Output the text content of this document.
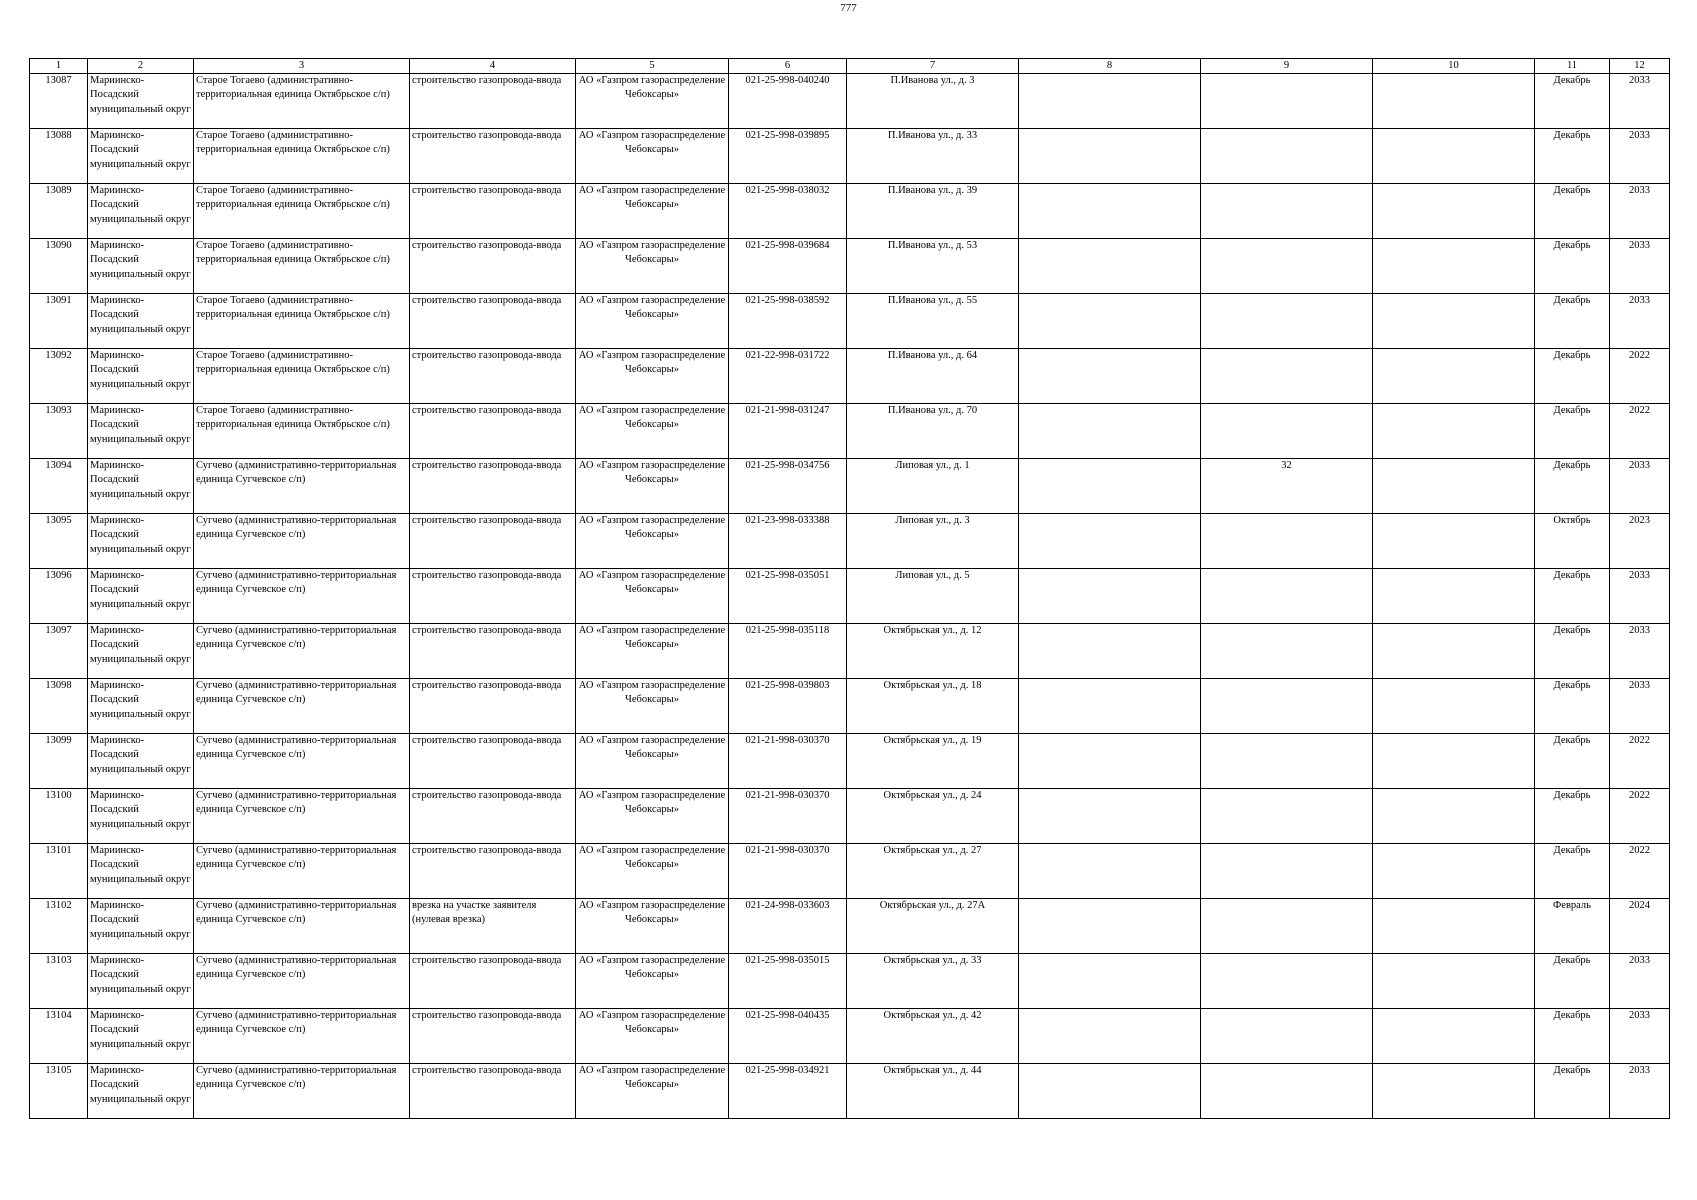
777
1	2	3	4	5	6	7	8	9	10	11	12

13087	Мариинско-Посадский муниципальный округ	Старое Тогаево (административно-территориальная единица Октябрьское с/п)	строительство газопровода-ввода	АО «Газпром газораспределение Чебоксары»	021-25-998-040240	П.Иванова ул., д. 3				Декабрь	2033

13088	Мариинско-Посадский муниципальный округ	Старое Тогаево (административно-территориальная единица Октябрьское с/п)	строительство газопровода-ввода	АО «Газпром газораспределение Чебоксары»	021-25-998-039895	П.Иванова ул., д. 33				Декабрь	2033

13089	Мариинско-Посадский муниципальный округ	Старое Тогаево (административно-территориальная единица Октябрьское с/п)	строительство газопровода-ввода	АО «Газпром газораспределение Чебоксары»	021-25-998-038032	П.Иванова ул., д. 39				Декабрь	2033

13090	Мариинско-Посадский муниципальный округ	Старое Тогаево (административно-территориальная единица Октябрьское с/п)	строительство газопровода-ввода	АО «Газпром газораспределение Чебоксары»	021-25-998-039684	П.Иванова ул., д. 53				Декабрь	2033

13091	Мариинско-Посадский муниципальный округ	Старое Тогаево (административно-территориальная единица Октябрьское с/п)	строительство газопровода-ввода	АО «Газпром газораспределение Чебоксары»	021-25-998-038592	П.Иванова ул., д. 55				Декабрь	2033

13092	Мариинско-Посадский муниципальный округ	Старое Тогаево (административно-территориальная единица Октябрьское с/п)	строительство газопровода-ввода	АО «Газпром газораспределение Чебоксары»	021-22-998-031722	П.Иванова ул., д. 64				Декабрь	2022

13093	Мариинско-Посадский муниципальный округ	Старое Тогаево (административно-территориальная единица Октябрьское с/п)	строительство газопровода-ввода	АО «Газпром газораспределение Чебоксары»	021-21-998-031247	П.Иванова ул., д. 70				Декабрь	2022

13094	Мариинско-Посадский муниципальный округ	Сугчево (административно-территориальная единица Сугчевское с/п)	строительство газопровода-ввода	АО «Газпром газораспределение Чебоксары»	021-25-998-034756	Липовая ул., д. 1		32		Декабрь	2033

13095	Мариинско-Посадский муниципальный округ	Сугчево (административно-территориальная единица Сугчевское с/п)	строительство газопровода-ввода	АО «Газпром газораспределение Чебоксары»	021-23-998-033388	Липовая ул., д. 3				Октябрь	2023

13096	Мариинско-Посадский муниципальный округ	Сугчево (административно-территориальная единица Сугчевское с/п)	строительство газопровода-ввода	АО «Газпром газораспределение Чебоксары»	021-25-998-035051	Липовая ул., д. 5				Декабрь	2033

13097	Мариинско-Посадский муниципальный округ	Сугчево (административно-территориальная единица Сугчевское с/п)	строительство газопровода-ввода	АО «Газпром газораспределение Чебоксары»	021-25-998-035118	Октябрьская ул., д. 12				Декабрь	2033

13098	Мариинско-Посадский муниципальный округ	Сугчево (административно-территориальная единица Сугчевское с/п)	строительство газопровода-ввода	АО «Газпром газораспределение Чебоксары»	021-25-998-039803	Октябрьская ул., д. 18				Декабрь	2033

13099	Мариинско-Посадский муниципальный округ	Сугчево (административно-территориальная единица Сугчевское с/п)	строительство газопровода-ввода	АО «Газпром газораспределение Чебоксары»	021-21-998-030370	Октябрьская ул., д. 19				Декабрь	2022

13100	Мариинско-Посадский муниципальный округ	Сугчево (административно-территориальная единица Сугчевское с/п)	строительство газопровода-ввода	АО «Газпром газораспределение Чебоксары»	021-21-998-030370	Октябрьская ул., д. 24				Декабрь	2022

13101	Мариинско-Посадский муниципальный округ	Сугчево (административно-территориальная единица Сугчевское с/п)	строительство газопровода-ввода	АО «Газпром газораспределение Чебоксары»	021-21-998-030370	Октябрьская ул., д. 27				Декабрь	2022

13102	Мариинско-Посадский муниципальный округ	Сугчево (административно-территориальная единица Сугчевское с/п)	врезка на участке заявителя (нулевая врезка)	АО «Газпром газораспределение Чебоксары»	021-24-998-033603	Октябрьская ул., д. 27А				Февраль	2024

13103	Мариинско-Посадский муниципальный округ	Сугчево (административно-территориальная единица Сугчевское с/п)	строительство газопровода-ввода	АО «Газпром газораспределение Чебоксары»	021-25-998-035015	Октябрьская ул., д. 33				Декабрь	2033

13104	Мариинско-Посадский муниципальный округ	Сугчево (административно-территориальная единица Сугчевское с/п)	строительство газопровода-ввода	АО «Газпром газораспределение Чебоксары»	021-25-998-040435	Октябрьская ул., д. 42				Декабрь	2033

13105	Мариинско-Посадский муниципальный округ	Сугчево (административно-территориальная единица Сугчевское с/п)	строительство газопровода-ввода	АО «Газпром газораспределение Чебоксары»	021-25-998-034921	Октябрьская ул., д. 44				Декабрь	2033
